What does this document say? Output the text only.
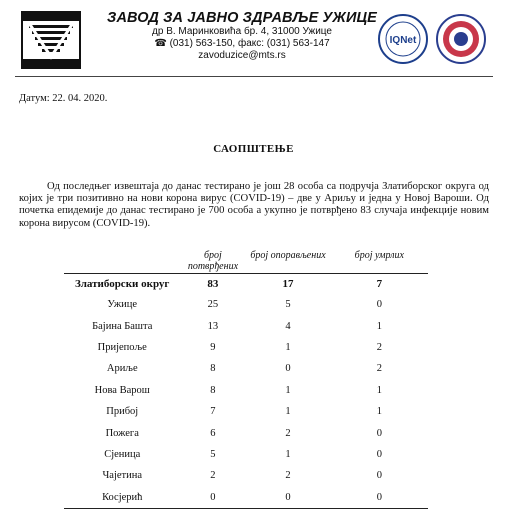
ЗАВОД ЗА ЈАВНО ЗДРАВЉЕ УЖИЦЕ
др В. Маринковића бр. 4, 31000 Ужице
☎ (031) 563-150, факс: (031) 563-147
zavoduzice@mts.rs
IQNet
Датум: 22. 04. 2020.
САОПШТЕЊЕ
Од последњег извештаја до данас тестирано је још 28 особа са подручја Златиборског округа од којих је три позитивно на нови корона вирус (COVID-19) – две у Ариљу и једна у Новој Вароши. Од почетка епидемије до данас тестирано је 700 особа а укупно је потврђено 83 случаја инфекције новим корона вирусом (COVID-19).
	број потврђених	број опорављених	број умрлих
Златиборски округ	83	17	7
Ужице	25	5	0
Бајина Башта	13	4	1
Пријепоље	9	1	2
Ариље	8	0	2
Нова Варош	8	1	1
Прибој	7	1	1
Пожега	6	2	0
Сјеница	5	1	0
Чајетина	2	2	0
Косјерић	0	0	0
